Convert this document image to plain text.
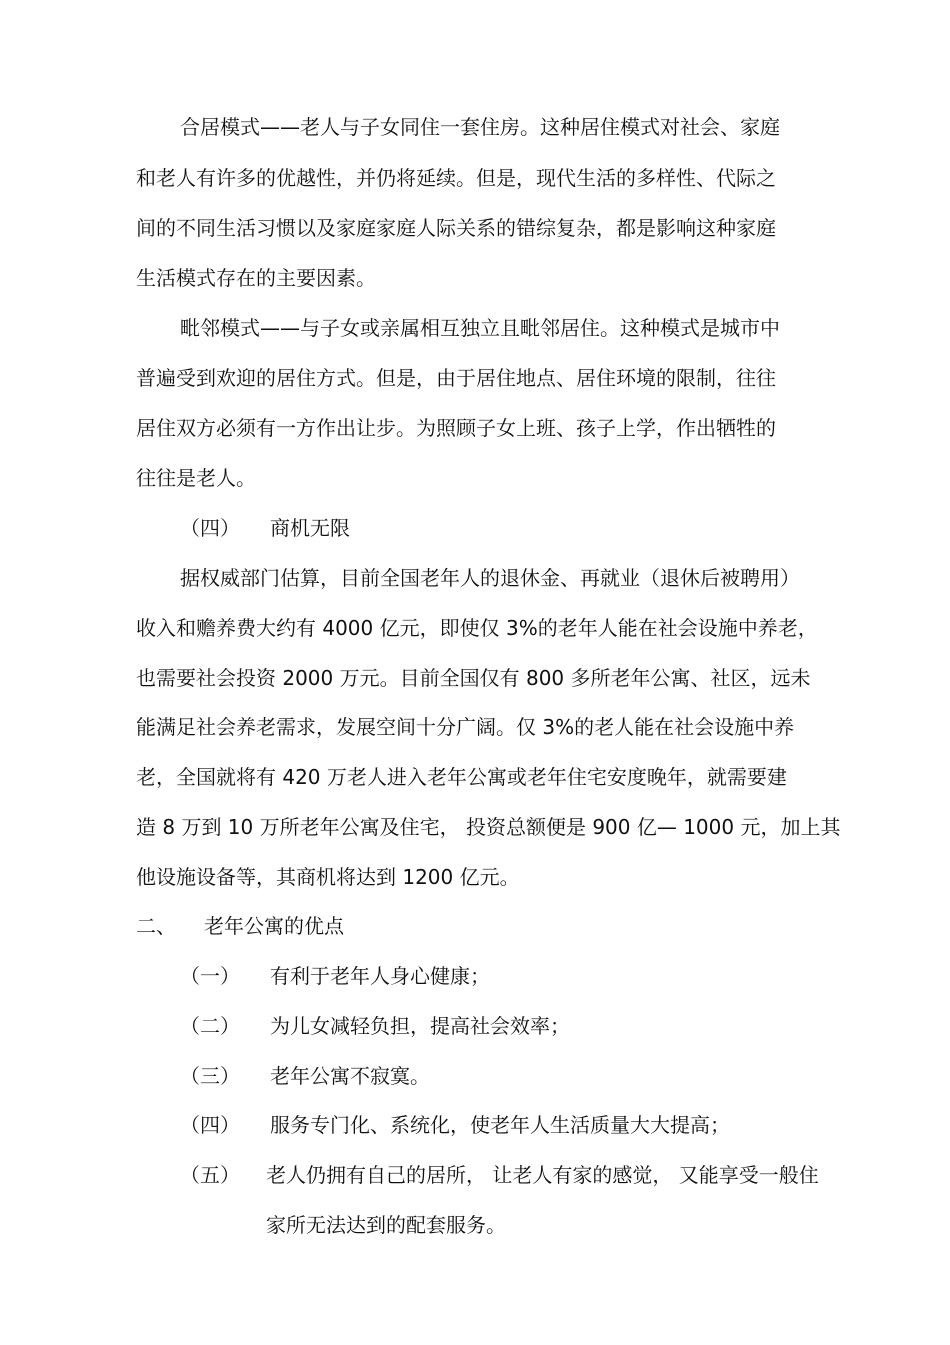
合居模式——老人与子女同住一套住房。这种居住模式对社会、家庭

和老人有许多的优越性，并仍将延续。但是，现代生活的多样性、代际之

间的不同生活习惯以及家庭家庭人际关系的错综复杂，都是影响这种家庭

生活模式存在的主要因素。

毗邻模式——与子女或亲属相互独立且毗邻居住。这种模式是城市中

普遍受到欢迎的居住方式。但是，由于居住地点、居住环境的限制，往往

居住双方必须有一方作出让步。为照顾子女上班、孩子上学，作出牺牲的

往往是老人。

（四） 商机无限

据权威部门估算，目前全国老年人的退休金、再就业（退休后被聘用）

收入和赡养费大约有 4000 亿元，即使仅 3%的老年人能在社会设施中养老，

也需要社会投资 2000 万元。目前全国仅有 800 多所老年公寓、社区，远未

能满足社会养老需求，发展空间十分广阔。仅 3%的老人能在社会设施中养

老，全国就将有 420 万老人进入老年公寓或老年住宅安度晚年，就需要建

造 8 万到 10 万所老年公寓及住宅， 投资总额便是 900 亿— 1000 元，加上其

他设施设备等，其商机将达到 1200 亿元。

二、 老年公寓的优点
（一） 有利于老年人身心健康；
（二） 为儿女减轻负担，提高社会效率；
（三） 老年公寓不寂寞。
（四） 服务专门化、系统化，使老年人生活质量大大提高；
（五） 老人仍拥有自己的居所， 让老人有家的感觉， 又能享受一般住
家所无法达到的配套服务。
